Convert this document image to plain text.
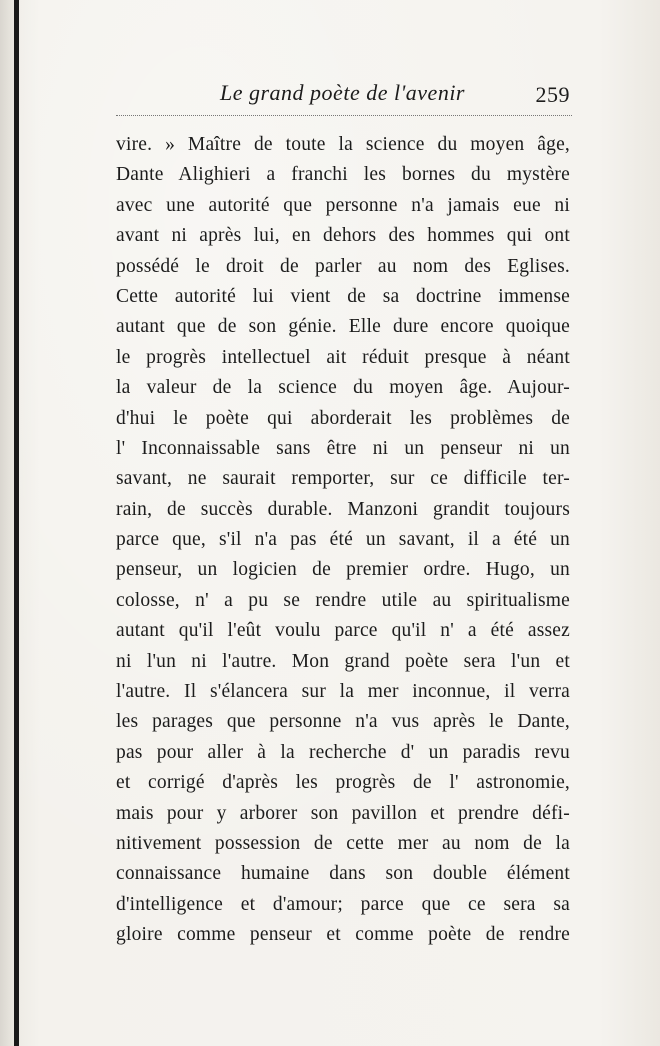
Le grand poète de l'avenir	259
vire. » Maître de toute la science du moyen âge,
Dante Alighieri a franchi les bornes du mystère
avec une autorité que personne n'a jamais eue ni
avant ni après lui, en dehors des hommes qui ont
possédé le droit de parler au nom des Eglises.
Cette autorité lui vient de sa doctrine immense
autant que de son génie. Elle dure encore quoique
le progrès intellectuel ait réduit presque à néant
la valeur de la science du moyen âge. Aujour-
d'hui le poète qui aborderait les problèmes de
l' Inconnaissable sans être ni un penseur ni un
savant, ne saurait remporter, sur ce difficile ter-
rain, de succès durable. Manzoni grandit toujours
parce que, s'il n'a pas été un savant, il a été un
penseur, un logicien de premier ordre. Hugo, un
colosse, n' a pu se rendre utile au spiritualisme
autant qu'il l'eût voulu parce qu'il n' a été assez
ni l'un ni l'autre. Mon grand poète sera l'un et
l'autre. Il s'élancera sur la mer inconnue, il verra
les parages que personne n'a vus après le Dante,
pas pour aller à la recherche d' un paradis revu
et corrigé d'après les progrès de l' astronomie,
mais pour y arborer son pavillon et prendre défi-
nitivement possession de cette mer au nom de la
connaissance humaine dans son double élément
d'intelligence et d'amour; parce que ce sera sa
gloire comme penseur et comme poète de rendre
